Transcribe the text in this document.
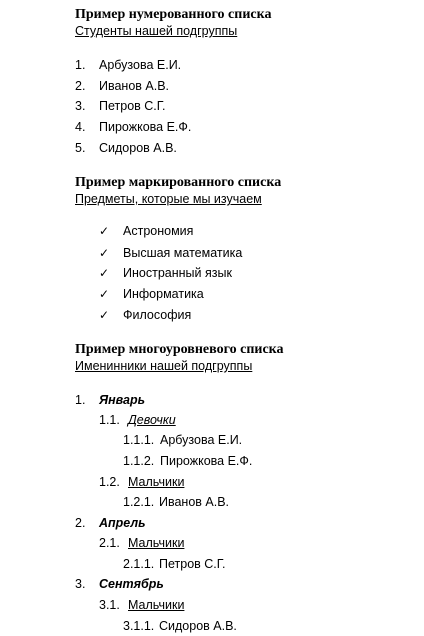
Пример нумерованного списка
Студенты нашей подгруппы
1. Арбузова Е.И.
2. Иванов А.В.
3. Петров С.Г.
4. Пирожкова Е.Ф.
5. Сидоров А.В.
Пример маркированного списка
Предметы, которые мы изучаем
✓ Астрономия
✓ Высшая математика
✓ Иностранный язык
✓ Информатика
✓ Философия
Пример многоуровневого списка
Именинники нашей подгруппы
1. Январь
1.1. Девочки
1.1.1. Арбузова Е.И.
1.1.2. Пирожкова Е.Ф.
1.2. Мальчики
1.2.1. Иванов А.В.
2. Апрель
2.1. Мальчики
2.1.1. Петров С.Г.
3. Сентябрь
3.1. Мальчики
3.1.1. Сидоров А.В.
